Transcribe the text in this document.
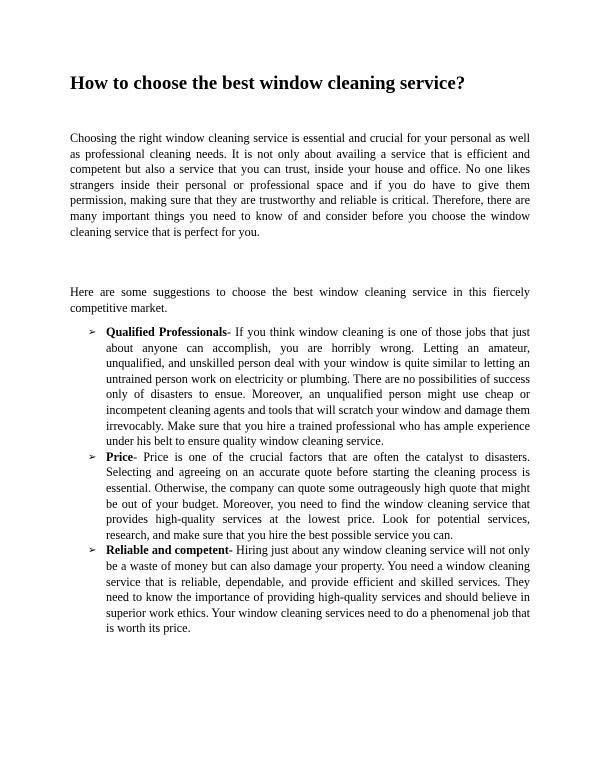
How to choose the best window cleaning service?

Choosing the right window cleaning service is essential and crucial for your personal as well as professional cleaning needs. It is not only about availing a service that is efficient and competent but also a service that you can trust, inside your house and office. No one likes strangers inside their personal or professional space and if you do have to give them permission, making sure that they are trustworthy and reliable is critical. Therefore, there are many important things you need to know of and consider before you choose the window cleaning service that is perfect for you.

Here are some suggestions to choose the best window cleaning service in this fiercely competitive market.

➢ Qualified Professionals- If you think window cleaning is one of those jobs that just about anyone can accomplish, you are horribly wrong. Letting an amateur, unqualified, and unskilled person deal with your window is quite similar to letting an untrained person work on electricity or plumbing. There are no possibilities of success only of disasters to ensue. Moreover, an unqualified person might use cheap or incompetent cleaning agents and tools that will scratch your window and damage them irrevocably. Make sure that you hire a trained professional who has ample experience under his belt to ensure quality window cleaning service.
➢ Price- Price is one of the crucial factors that are often the catalyst to disasters. Selecting and agreeing on an accurate quote before starting the cleaning process is essential. Otherwise, the company can quote some outrageously high quote that might be out of your budget. Moreover, you need to find the window cleaning service that provides high-quality services at the lowest price. Look for potential services, research, and make sure that you hire the best possible service you can.
➢ Reliable and competent- Hiring just about any window cleaning service will not only be a waste of money but can also damage your property. You need a window cleaning service that is reliable, dependable, and provide efficient and skilled services. They need to know the importance of providing high-quality services and should believe in superior work ethics. Your window cleaning services need to do a phenomenal job that is worth its price.
